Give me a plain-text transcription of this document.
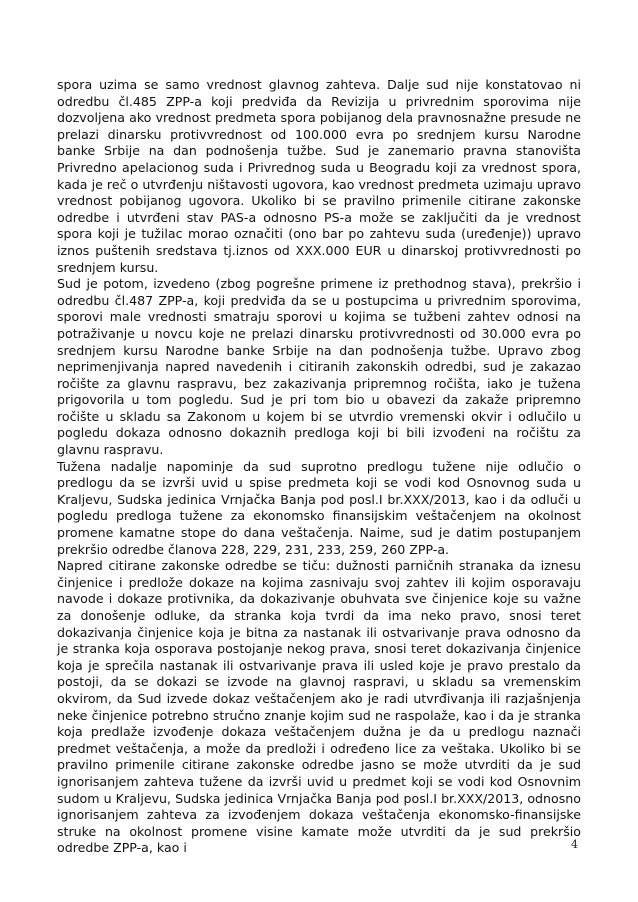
spora uzima se samo vrednost glavnog zahteva. Dalje sud nije konstatovao ni odredbu čl.485 ZPP-a koji predviđa da Revizija u privrednim sporovima nije dozvoljena ako vrednost predmeta spora pobijanog dela pravnosnažne presude ne prelazi dinarsku protivvrednost od 100.000 evra po srednjem kursu Narodne banke Srbije na dan podnošenja tužbe. Sud je zanemario pravna stanovišta Privredno apelacionog suda i Privrednog suda u Beogradu koji za vrednost spora, kada je reč o utvrđenju ništavosti ugovora, kao vrednost predmeta uzimaju upravo vrednost pobijanog ugovora. Ukoliko bi se pravilno primenile citirane zakonske odredbe i utvrđeni stav PAS-a odnosno PS-a može se zaključiti da je vrednost spora koji je tužilac morao označiti (ono bar po zahtevu suda (uređenje)) upravo iznos puštenih sredstava tj.iznos od XXX.000 EUR u dinarskoj protivvrednosti po srednjem kursu.

Sud je potom, izvedeno (zbog pogrešne primene iz prethodnog stava), prekršio i odredbu čl.487 ZPP-a, koji predviđa da se u postupcima u privrednim sporovima, sporovi male vrednosti smatraju sporovi u kojima se tužbeni zahtev odnosi na potraživanje u novcu koje ne prelazi dinarsku protivvrednosti od 30.000 evra po srednjem kursu Narodne banke Srbije na dan podnošenja tužbe. Upravo zbog neprimenjivanja napred navedenih i citiranih zakonskih odredbi, sud je zakazao ročište za glavnu raspravu, bez zakazivanja pripremnog ročišta, iako je tužena prigovorila u tom pogledu. Sud je pri tom bio u obavezi da zakaže pripremno ročište u skladu sa Zakonom u kojem bi se utvrdio vremenski okvir i odlučilo u pogledu dokaza odnosno dokaznih predloga koji bi bili izvođeni na ročištu za glavnu raspravu.

Tužena nadalje napominje da sud suprotno predlogu tužene nije odlučio o predlogu da se izvrši uvid u spise predmeta koji se vodi kod Osnovnog suda u Kraljevu, Sudska jedinica Vrnjačka Banja pod posl.I br.XXX/2013, kao i da odluči u pogledu predloga tužene za ekonomsko finansijskim veštačenjem na okolnost promene kamatne stope do dana veštačenja. Naime, sud je datim postupanjem prekršio odredbe članova 228, 229, 231, 233, 259, 260 ZPP-a.

Napred citirane zakonske odredbe se tiču: dužnosti parničnih stranaka da iznesu činjenice i predlože dokaze na kojima zasnivaju svoj zahtev ili kojim osporavaju navode i dokaze protivnika, da dokazivanje obuhvata sve činjenice koje su važne za donošenje odluke, da stranka koja tvrdi da ima neko pravo, snosi teret dokazivanja činjenice koja je bitna za nastanak ili ostvarivanje prava odnosno da je stranka koja osporava postojanje nekog prava, snosi teret dokazivanja činjenice koja je sprečila nastanak ili ostvarivanje prava ili usled koje je pravo prestalo da postoji, da se dokazi se izvode na glavnoj raspravi, u skladu sa vremenskim okvirom, da Sud izvede dokaz veštačenjem ako je radi utvrđivanja ili razjašnjenja neke činjenice potrebno stručno znanje kojim sud ne raspolaže, kao i da je stranka koja predlaže izvođenje dokaza veštačenjem dužna je da u predlogu naznači predmet veštačenja, a može da predloži i određeno lice za veštaka. Ukoliko bi se pravilno primenile citirane zakonske odredbe jasno se može utvrditi da je sud ignorisanjem zahteva tužene da izvrši uvid u predmet koji se vodi kod Osnovnim sudom u Kraljevu, Sudska jedinica Vrnjačka Banja pod posl.I br.XXX/2013, odnosno ignorisanjem zahteva za izvođenjem dokaza veštačenja ekonomsko-finansijske struke na okolnost promene visine kamate može utvrditi da je sud prekršio odredbe ZPP-a, kao i	4
